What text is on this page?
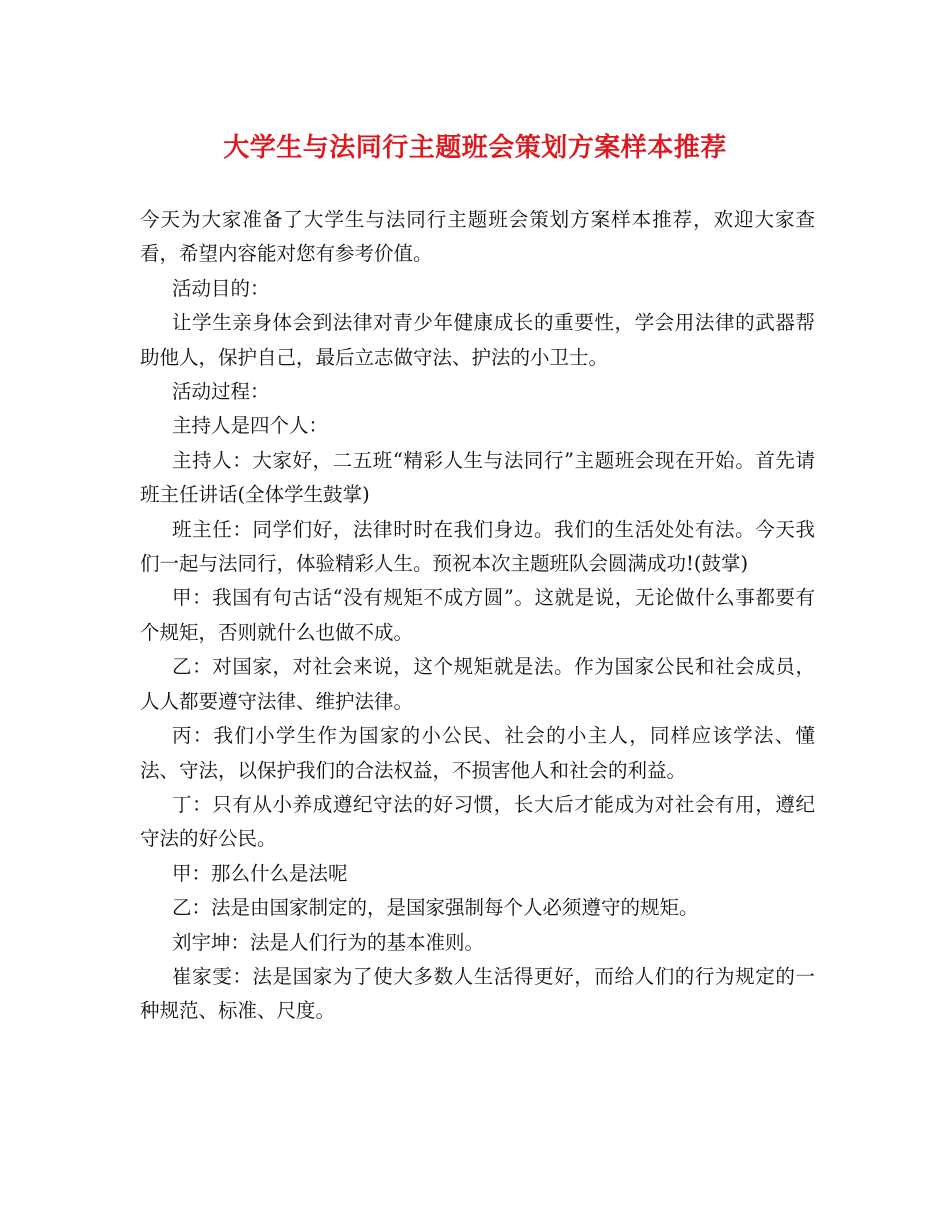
大学生与法同行主题班会策划方案样本推荐

今天为大家准备了大学生与法同行主题班会策划方案样本推荐，欢迎大家查看，希望内容能对您有参考价值。

活动目的：

让学生亲身体会到法律对青少年健康成长的重要性，学会用法律的武器帮助他人，保护自己，最后立志做守法、护法的小卫士。

活动过程：

主持人是四个人：

主持人：大家好，二五班“精彩人生与法同行”主题班会现在开始。首先请班主任讲话(全体学生鼓掌)

班主任：同学们好，法律时时在我们身边。我们的生活处处有法。今天我们一起与法同行，体验精彩人生。预祝本次主题班队会圆满成功!(鼓掌)

甲：我国有句古话“没有规矩不成方圆”。这就是说，无论做什么事都要有个规矩，否则就什么也做不成。

乙：对国家，对社会来说，这个规矩就是法。作为国家公民和社会成员，人人都要遵守法律、维护法律。

丙：我们小学生作为国家的小公民、社会的小主人，同样应该学法、懂法、守法，以保护我们的合法权益，不损害他人和社会的利益。

丁：只有从小养成遵纪守法的好习惯，长大后才能成为对社会有用，遵纪守法的好公民。

甲：那么什么是法呢

乙：法是由国家制定的，是国家强制每个人必须遵守的规矩。

刘宇坤：法是人们行为的基本准则。

崔家雯：法是国家为了使大多数人生活得更好，而给人们的行为规定的一种规范、标准、尺度。
